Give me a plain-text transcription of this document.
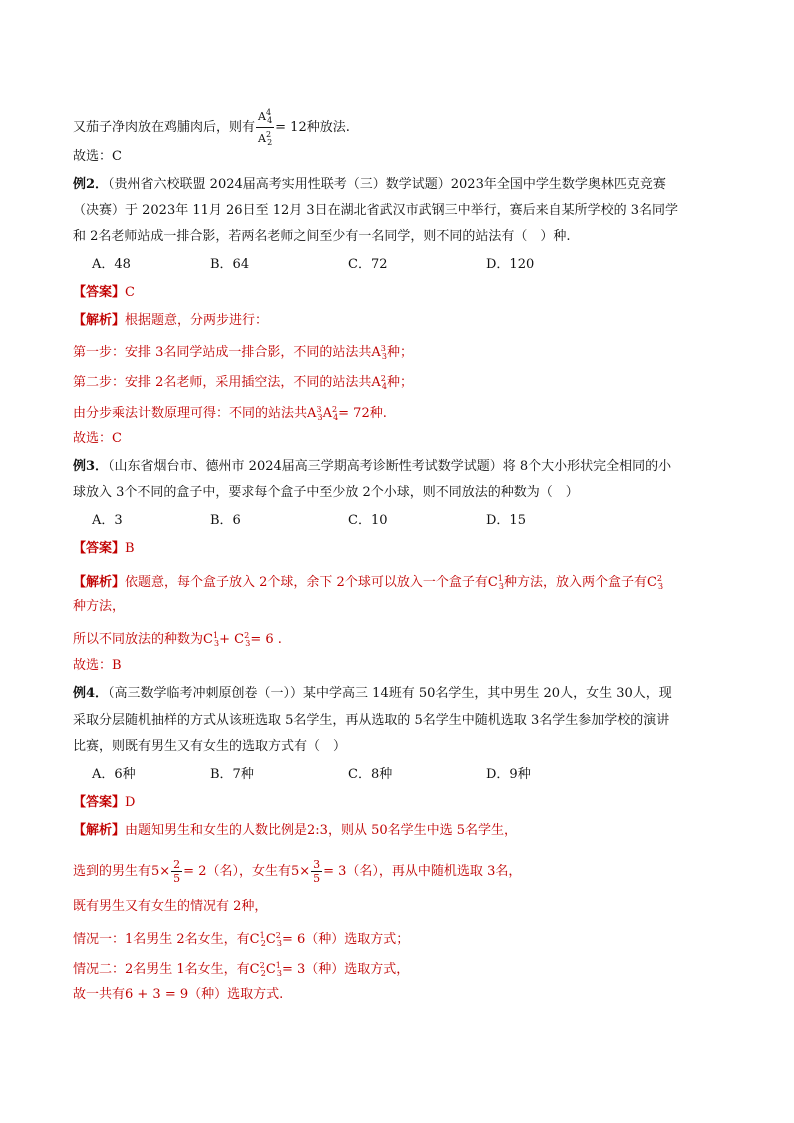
又茄子净肉放在鸡脯肉后，则有 $\frac{A^4_4}{A^2_2} = 12$种放法.
故选：C
例2．（贵州省六校联盟 2024届高考实用性联考（三）数学试题）2023年全国中学生数学奥林匹克竞赛
（决赛）于 2023年 11月 26日至 12月 3日在湖北省武汉市武钢三中举行，赛后来自某所学校的 3名同学
和 2名老师站成一排合影，若两名老师之间至少有一名同学，则不同的站法有（　）种.
A．48	B．64	C．72	D．120
【答案】C
【解析】根据题意，分两步进行：
第一步：安排 3名同学站成一排合影，不同的站法共$A^3_3$种；
第二步：安排 2名老师，采用插空法，不同的站法共$A^2_4$种；
由分步乘法计数原理可得：不同的站法共$A^3_3A^2_4= 72$种.
故选：C
例3．（山东省烟台市、德州市 2024届高三学期高考诊断性考试数学试题）将 8个大小形状完全相同的小
球放入 3个不同的盒子中，要求每个盒子中至少放 2个小球，则不同放法的种数为（　）
A．3	B．6	C．10	D．15
【答案】B
【解析】依题意，每个盒子放入 2个球，余下 2个球可以放入一个盒子有$C^1_3$种方法，放入两个盒子有$C^2_3$
种方法，
所以不同放法的种数为$C^1_3+ C^2_3= 6$ .
故选：B
例4．（高三数学临考冲刺原创卷（一））某中学高三 14班有 50名学生，其中男生 20人，女生 30人，现
采取分层随机抽样的方式从该班选取 5名学生，再从选取的 5名学生中随机选取 3名学生参加学校的演讲
比赛，则既有男生又有女生的选取方式有（　）
A．6种	B．7种	C．8种	D．9种
【答案】D
【解析】由题知男生和女生的人数比例是2:3，则从 50名学生中选 5名学生，
选到的男生有$5\times \frac{2}{5} = 2$（名），女生有$5\times \frac{3}{5} = 3$（名），再从中随机选取 3名，
既有男生又有女生的情况有 2种，
情况一：1名男生 2名女生，有$C^1_2C^2_3= 6$（种）选取方式；
情况二：2名男生 1名女生，有$C^2_2C^1_3= 3$（种）选取方式，
故一共有6 + 3 = 9（种）选取方式.
